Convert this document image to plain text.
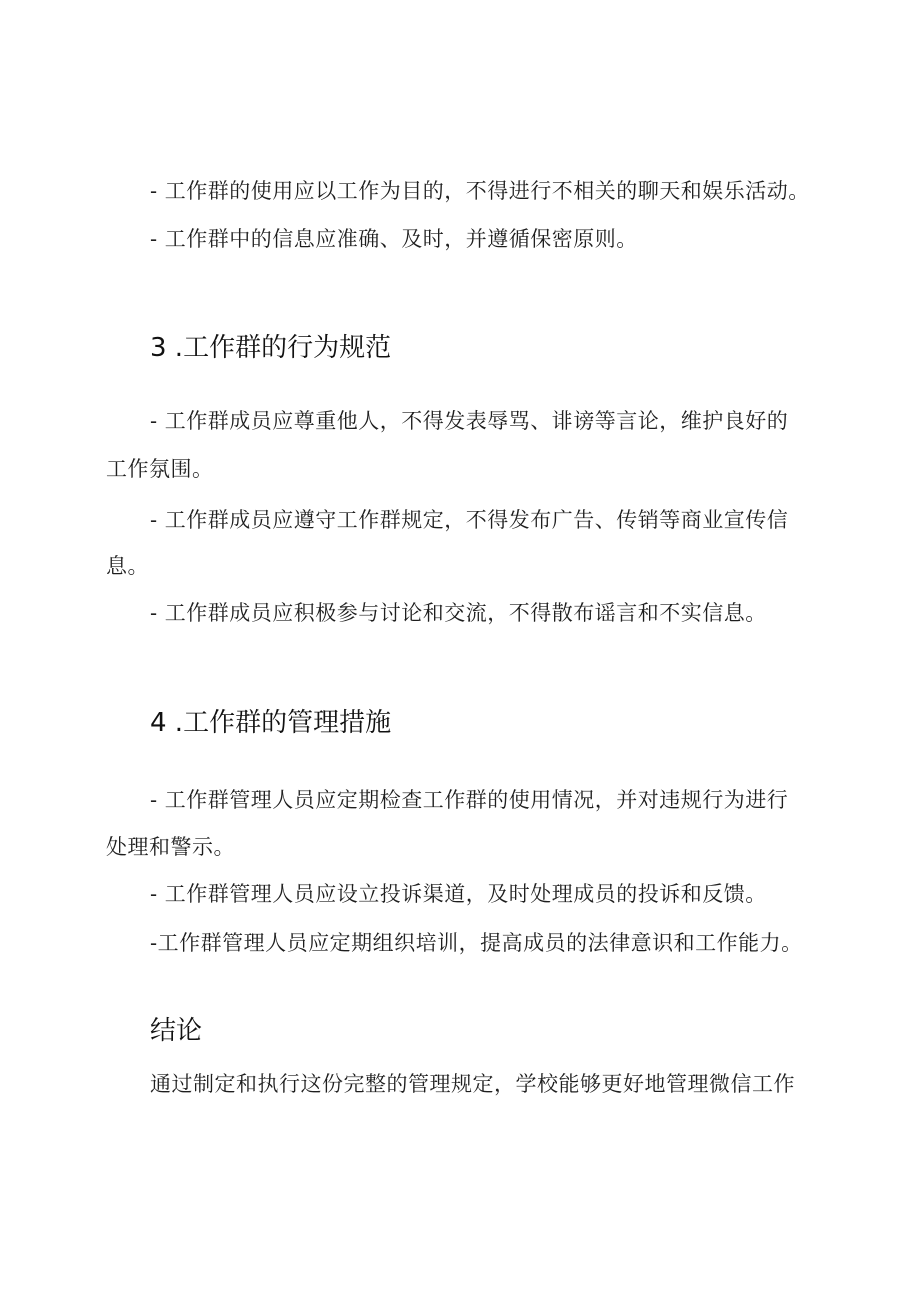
- 工作群的使用应以工作为目的，不得进行不相关的聊天和娱乐活动。
- 工作群中的信息应准确、及时，并遵循保密原则。
3 .工作群的行为规范
- 工作群成员应尊重他人，不得发表辱骂、诽谤等言论，维护良好的
工作氛围。
- 工作群成员应遵守工作群规定，不得发布广告、传销等商业宣传信
息。
- 工作群成员应积极参与讨论和交流，不得散布谣言和不实信息。
4 .工作群的管理措施
- 工作群管理人员应定期检查工作群的使用情况，并对违规行为进行
处理和警示。
- 工作群管理人员应设立投诉渠道，及时处理成员的投诉和反馈。
-工作群管理人员应定期组织培训，提高成员的法律意识和工作能力。
结论
通过制定和执行这份完整的管理规定，学校能够更好地管理微信工作
